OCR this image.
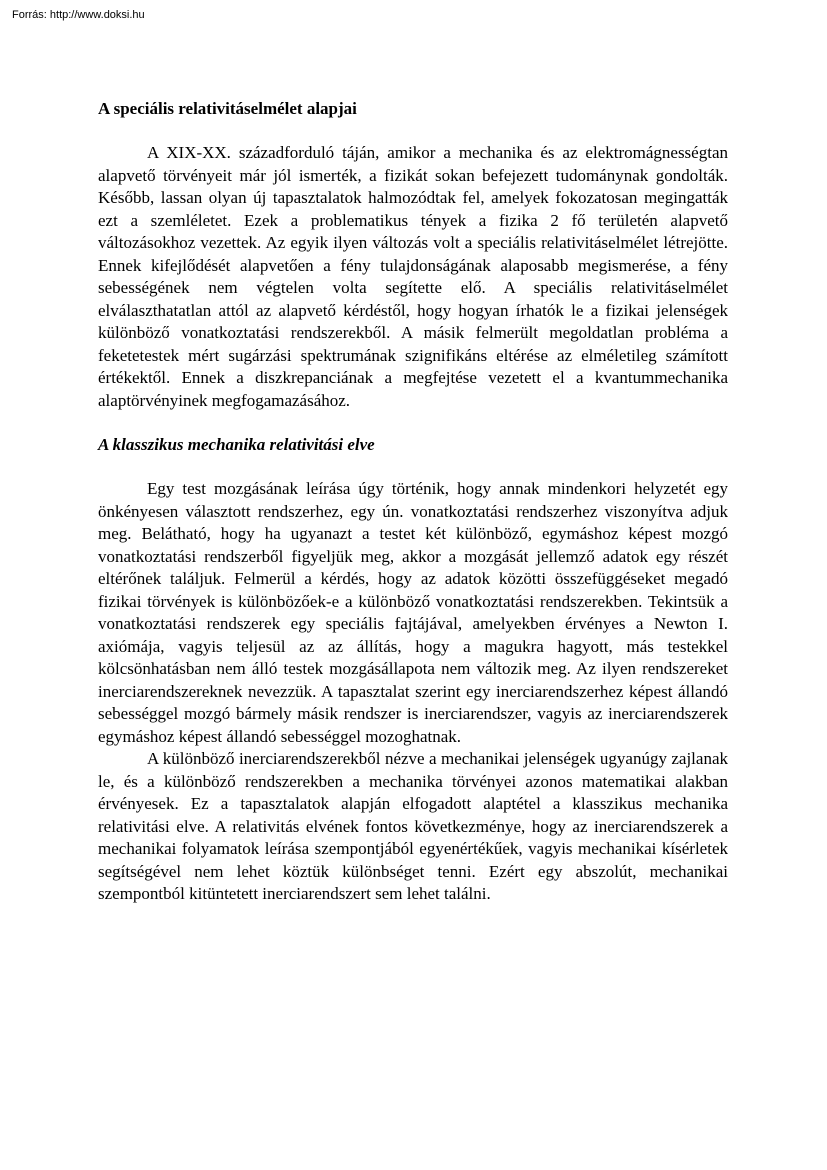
Forrás: http://www.doksi.hu
A speciális relativitáselmélet alapjai

A XIX-XX. századforduló táján, amikor a mechanika és az elektromágnességtan alapvető törvényeit már jól ismerték, a fizikát sokan befejezett tudománynak gondolták. Később, lassan olyan új tapasztalatok halmozódtak fel, amelyek fokozatosan megingatták ezt a szemléletet. Ezek a problematikus tények a fizika 2 fő területén alapvető változásokhoz vezettek. Az egyik ilyen változás volt a speciális relativitáselmélet létrejötte. Ennek kifejlődését alapvetően a fény tulajdonságának alaposabb megismerése, a fény sebességének nem végtelen volta segítette elő. A speciális relativitáselmélet elválaszthatatlan attól az alapvető kérdéstől, hogy hogyan írhatók le a fizikai jelenségek különböző vonatkoztatási rendszerekből. A másik felmerült megoldatlan probléma a feketetestek mért sugárzási spektrumának szignifikáns eltérése az elméletileg számított értékektől. Ennek a diszkrepanciának a megfejtése vezetett el a kvantummechanika alaptörvényinek megfogamazásához.

A klasszikus mechanika relativitási elve

Egy test mozgásának leírása úgy történik, hogy annak mindenkori helyzetét egy önkényesen választott rendszerhez, egy ún. vonatkoztatási rendszerhez viszonyítva adjuk meg. Belátható, hogy ha ugyanazt a testet két különböző, egymáshoz képest mozgó vonatkoztatási rendszerből figyeljük meg, akkor a mozgását jellemző adatok egy részét eltérőnek találjuk. Felmerül a kérdés, hogy az adatok közötti összefüggéseket megadó fizikai törvények is különbözőek-e a különböző vonatkoztatási rendszerekben. Tekintsük a vonatkoztatási rendszerek egy speciális fajtájával, amelyekben érvényes a Newton I. axiómája, vagyis teljesül az az állítás, hogy a magukra hagyott, más testekkel kölcsönhatásban nem álló testek mozgásállapota nem változik meg. Az ilyen rendszereket inerciarendszereknek nevezzük. A tapasztalat szerint egy inerciarendszerhez képest állandó sebességgel mozgó bármely másik rendszer is inerciarendszer, vagyis az inerciarendszerek egymáshoz képest állandó sebességgel mozoghatnak.

A különböző inerciarendszerekből nézve a mechanikai jelenségek ugyanúgy zajlanak le, és a különböző rendszerekben a mechanika törvényei azonos matematikai alakban érvényesek. Ez a tapasztalatok alapján elfogadott alaptétel a klasszikus mechanika relativitási elve. A relativitás elvének fontos következménye, hogy az inerciarendszerek a mechanikai folyamatok leírása szempontjából egyenértékűek, vagyis mechanikai kísérletek segítségével nem lehet köztük különbséget tenni. Ezért egy abszolút, mechanikai szempontból kitüntetett inerciarendszert sem lehet találni.
